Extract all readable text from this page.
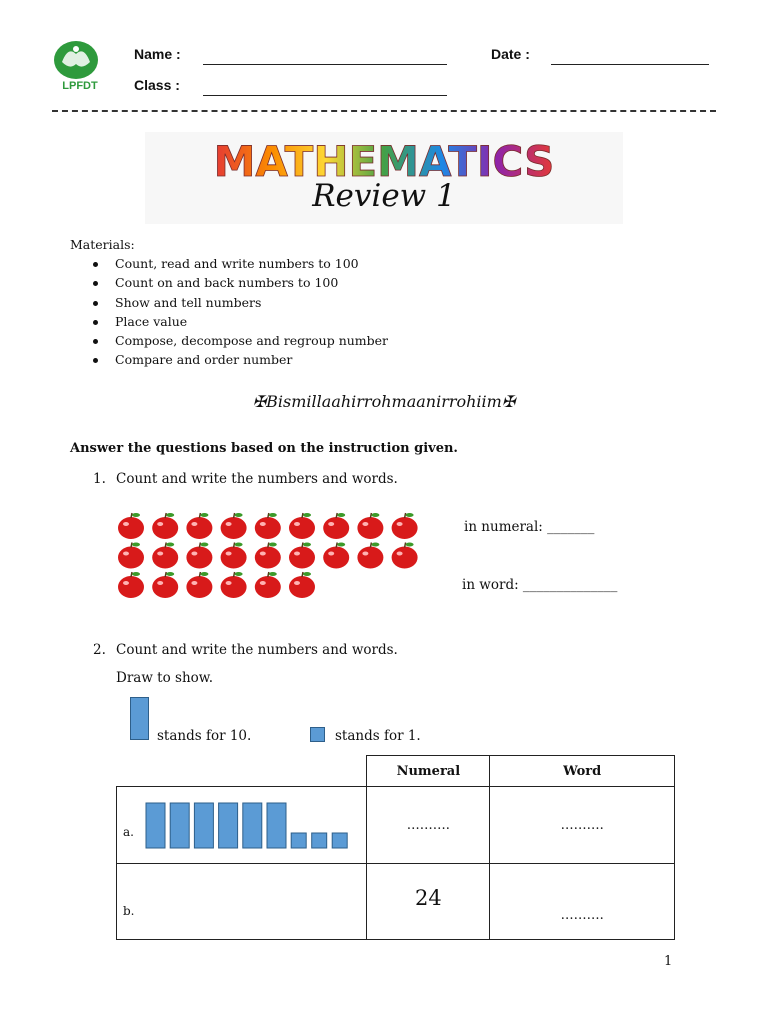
LPFDT
Name :	Date :
Class :
MATHEMATICS
Review 1
Materials:
Count, read and write numbers to 100
Count on and back numbers to 100
Show and tell numbers
Place value
Compose, decompose and regroup number
Compare and order number
✠Bismillaahirrohmaanirrohiim✠
Answer the questions based on the instruction given.
1. Count and write the numbers and words.
in numeral: _______
in word: ______________
2. Count and write the numbers and words.
Draw to show.
stands for 10.	stands for 1.
	Numeral	Word

a.	……….	……….

b.	24	……….
1
